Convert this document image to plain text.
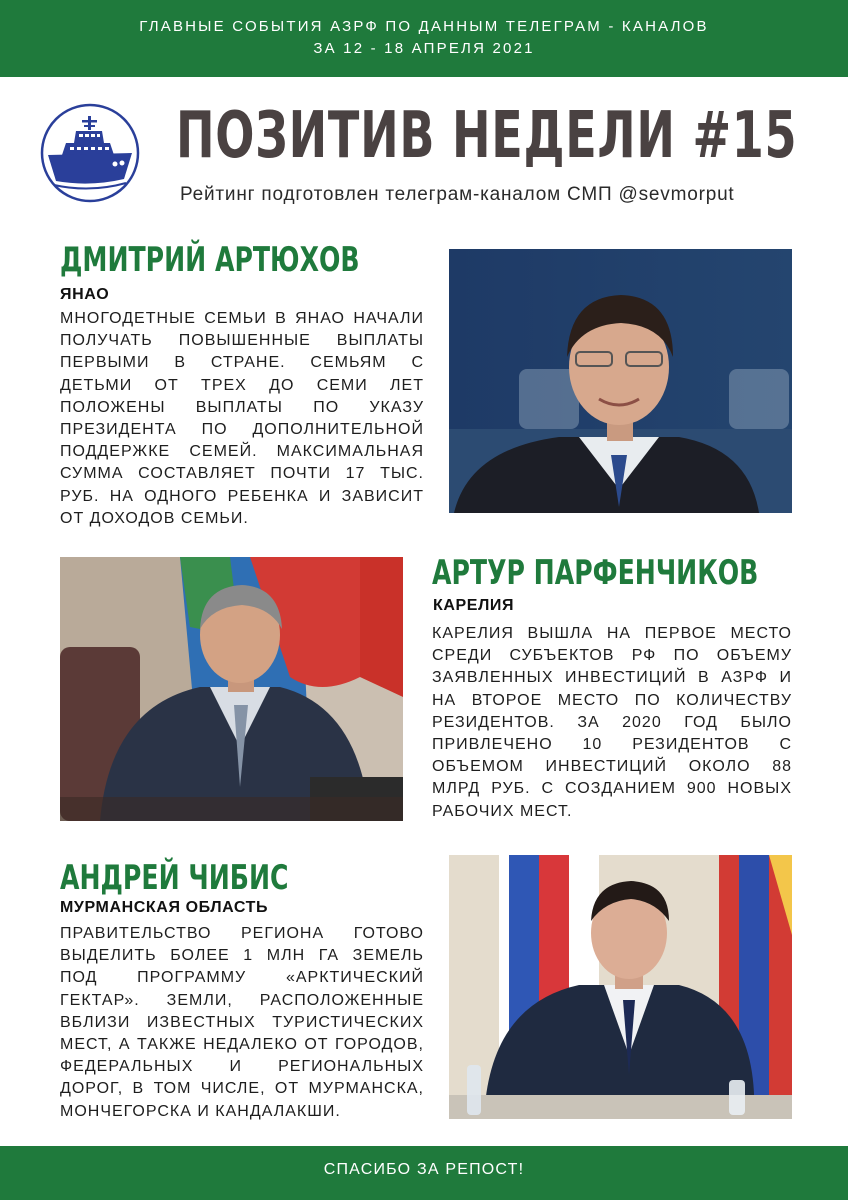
ГЛАВНЫЕ СОБЫТИЯ АЗРФ ПО ДАННЫМ ТЕЛЕГРАМ - КАНАЛОВ
ЗА 12 - 18 АПРЕЛЯ 2021
ПОЗИТИВ НЕДЕЛИ #15
Рейтинг подготовлен телеграм-каналом СМП @sevmorput
ДМИТРИЙ АРТЮХОВ
ЯНАО
МНОГОДЕТНЫЕ СЕМЬИ В ЯНАО НАЧАЛИ ПОЛУЧАТЬ ПОВЫШЕННЫЕ ВЫПЛАТЫ ПЕРВЫМИ В СТРАНЕ. СЕМЬЯМ С ДЕТЬМИ ОТ ТРЕХ ДО СЕМИ ЛЕТ ПОЛОЖЕНЫ ВЫПЛАТЫ ПО УКАЗУ ПРЕЗИДЕНТА ПО ДОПОЛНИТЕЛЬНОЙ ПОДДЕРЖКЕ СЕМЕЙ. МАКСИМАЛЬНАЯ СУММА СОСТАВЛЯЕТ ПОЧТИ 17 ТЫС. РУБ. НА ОДНОГО РЕБЕНКА И ЗАВИСИТ ОТ ДОХОДОВ СЕМЬИ.
АРТУР ПАРФЕНЧИКОВ
КАРЕЛИЯ
КАРЕЛИЯ ВЫШЛА НА ПЕРВОЕ МЕСТО СРЕДИ СУБЪЕКТОВ РФ ПО ОБЪЕМУ ЗАЯВЛЕННЫХ ИНВЕСТИЦИЙ В АЗРФ И НА ВТОРОЕ МЕСТО ПО КОЛИЧЕСТВУ РЕЗИДЕНТОВ. ЗА 2020 ГОД БЫЛО ПРИВЛЕЧЕНО 10 РЕЗИДЕНТОВ С ОБЪЕМОМ ИНВЕСТИЦИЙ ОКОЛО 88 МЛРД РУБ. С СОЗДАНИЕМ 900 НОВЫХ РАБОЧИХ МЕСТ.
АНДРЕЙ ЧИБИС
МУРМАНСКАЯ ОБЛАСТЬ
ПРАВИТЕЛЬСТВО РЕГИОНА ГОТОВО ВЫДЕЛИТЬ БОЛЕЕ 1 МЛН ГА ЗЕМЕЛЬ ПОД ПРОГРАММУ «АРКТИЧЕСКИЙ ГЕКТАР». ЗЕМЛИ, РАСПОЛОЖЕННЫЕ ВБЛИЗИ ИЗВЕСТНЫХ ТУРИСТИЧЕСКИХ МЕСТ, А ТАКЖЕ НЕДАЛЕКО ОТ ГОРОДОВ, ФЕДЕРАЛЬНЫХ И РЕГИОНАЛЬНЫХ ДОРОГ, В ТОМ ЧИСЛЕ, ОТ МУРМАНСКА, МОНЧЕГОРСКА И КАНДАЛАКШИ.
СПАСИБО ЗА РЕПОСТ!
